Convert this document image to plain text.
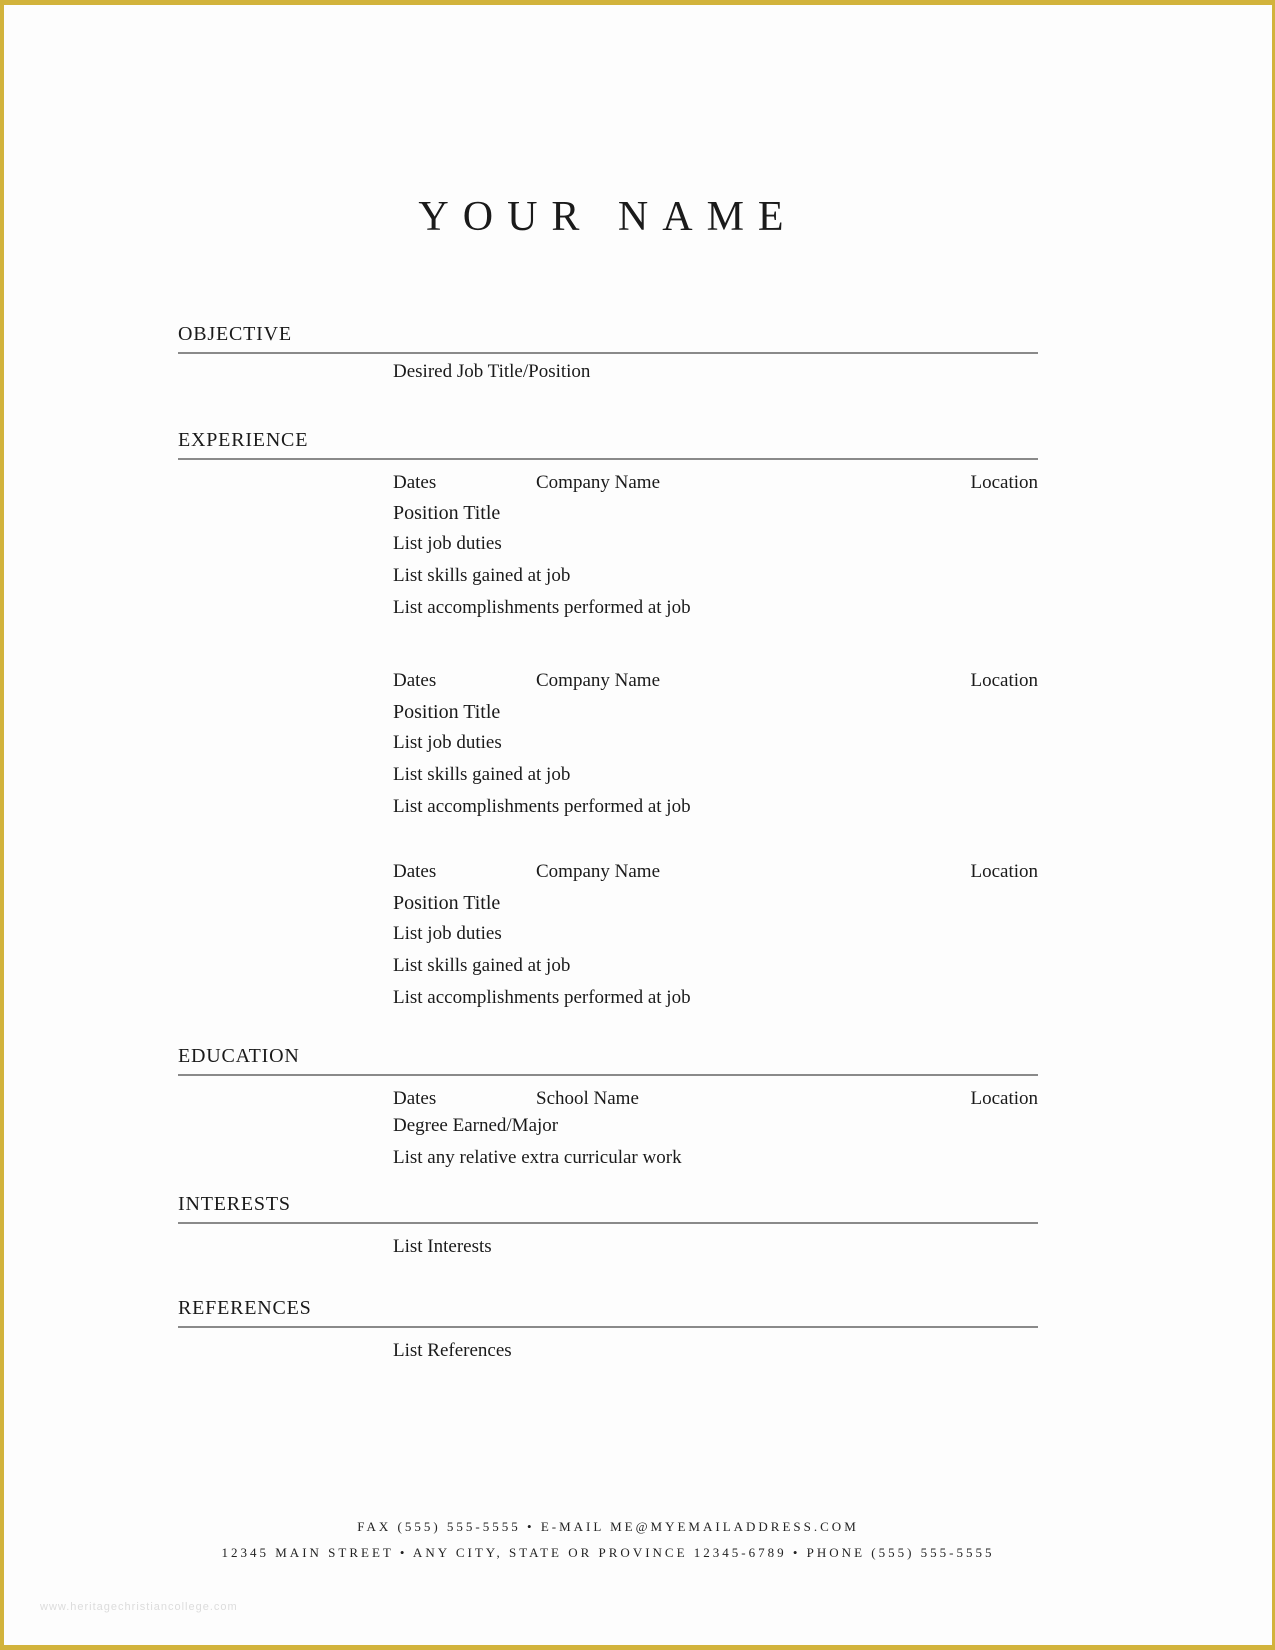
YOUR NAME
OBJECTIVE
Desired Job Title/Position
EXPERIENCE
Dates	Company Name	Location
Position Title
List job duties
List skills gained at job
List accomplishments performed at job
Dates	Company Name	Location
Position Title
List job duties
List skills gained at job
List accomplishments performed at job
Dates	Company Name	Location
Position Title
List job duties
List skills gained at job
List accomplishments performed at job
EDUCATION
Dates	School Name	Location
Degree Earned/Major
List any relative extra curricular work
INTERESTS
List Interests
REFERENCES
List References
FAX (555) 555-5555 • E-MAIL ME@MYEMAILADDRESS.COM
12345 MAIN STREET • ANY CITY, STATE OR PROVINCE 12345-6789 • PHONE (555) 555-5555
www.heritagechristiancollege.com
